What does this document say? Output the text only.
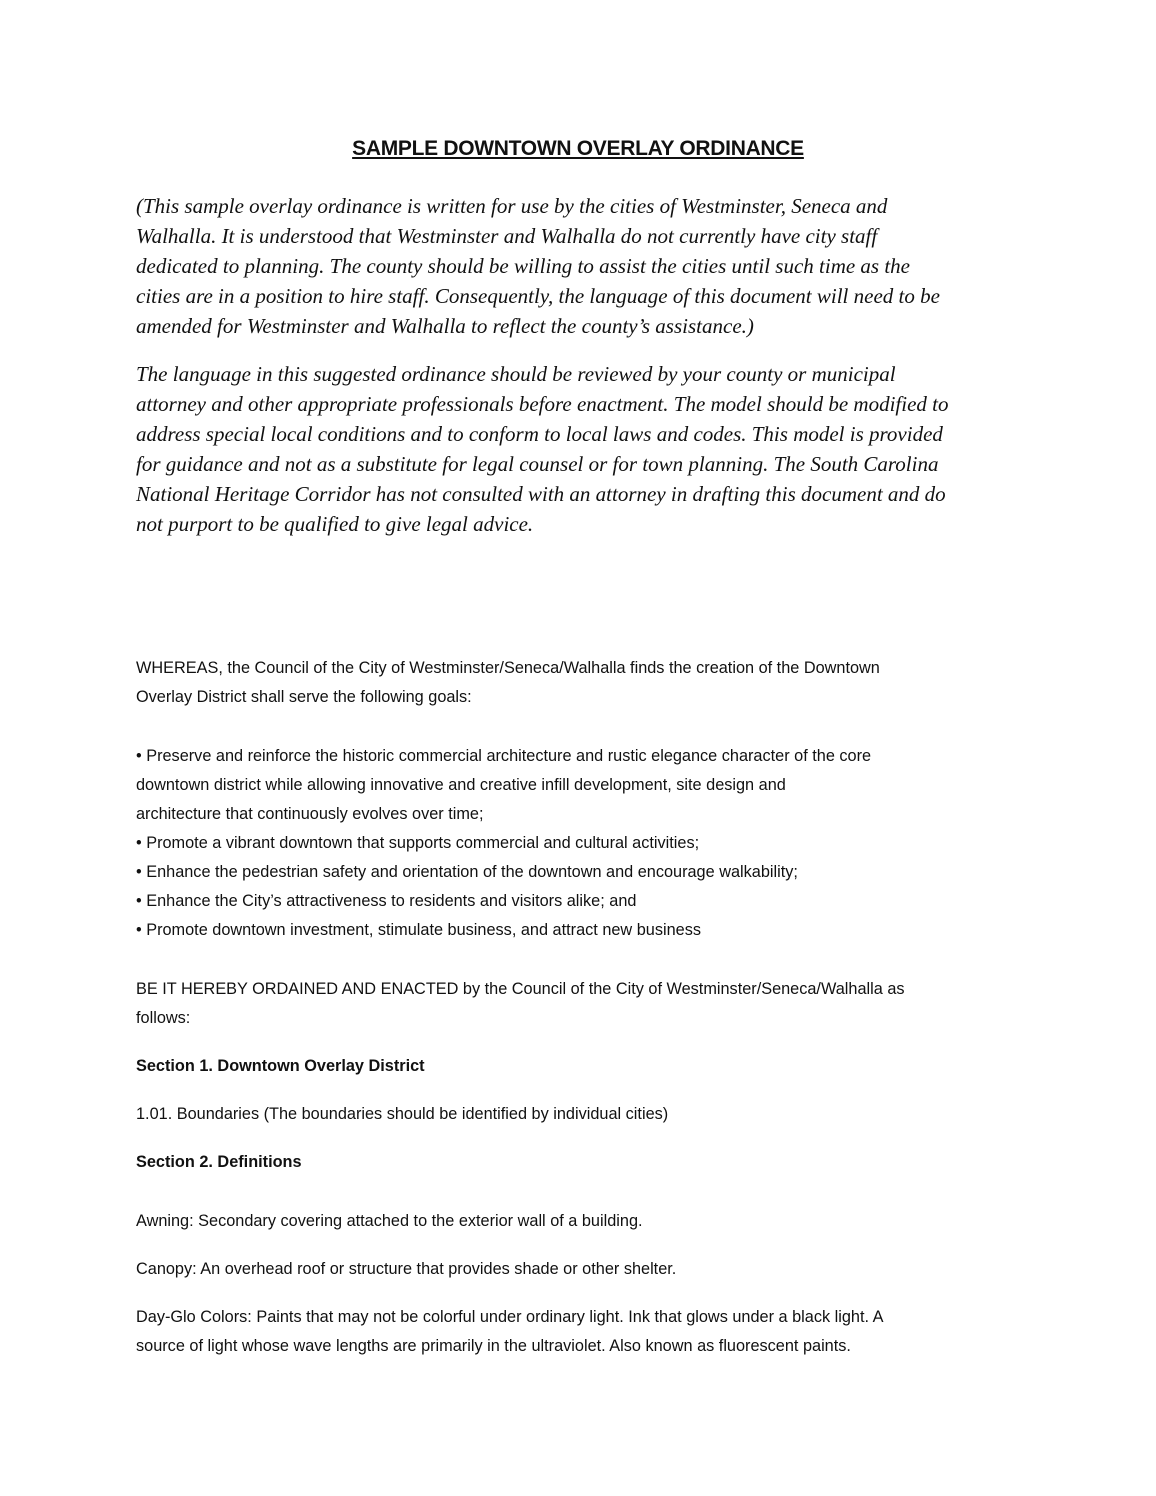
SAMPLE DOWNTOWN OVERLAY ORDINANCE
(This sample overlay ordinance is written for use by the cities of Westminster, Seneca and
Walhalla. It is understood that Westminster and Walhalla do not currently have city staff
dedicated to planning. The county should be willing to assist the cities until such time as the
cities are in a position to hire staff. Consequently, the language of this document will need to be
amended for Westminster and Walhalla to reflect the county’s assistance.)
The language in this suggested ordinance should be reviewed by your county or municipal
attorney and other appropriate professionals before enactment. The model should be modified to
address special local conditions and to conform to local laws and codes. This model is provided
for guidance and not as a substitute for legal counsel or for town planning. The South Carolina
National Heritage Corridor has not consulted with an attorney in drafting this document and do
not purport to be qualified to give legal advice.
WHEREAS, the Council of the City of Westminster/Seneca/Walhalla finds the creation of the Downtown
Overlay District shall serve the following goals:
• Preserve and reinforce the historic commercial architecture and rustic elegance character of the core
downtown district while allowing innovative and creative infill development, site design and
architecture that continuously evolves over time;
• Promote a vibrant downtown that supports commercial and cultural activities;
• Enhance the pedestrian safety and orientation of the downtown and encourage walkability;
• Enhance the City’s attractiveness to residents and visitors alike; and
• Promote downtown investment, stimulate business, and attract new business
BE IT HEREBY ORDAINED AND ENACTED by the Council of the City of Westminster/Seneca/Walhalla as
follows:
Section 1. Downtown Overlay District
1.01. Boundaries (The boundaries should be identified by individual cities)
Section 2. Definitions
Awning: Secondary covering attached to the exterior wall of a building.
Canopy: An overhead roof or structure that provides shade or other shelter.
Day-Glo Colors: Paints that may not be colorful under ordinary light. Ink that glows under a black light. A
source of light whose wave lengths are primarily in the ultraviolet. Also known as fluorescent paints.
